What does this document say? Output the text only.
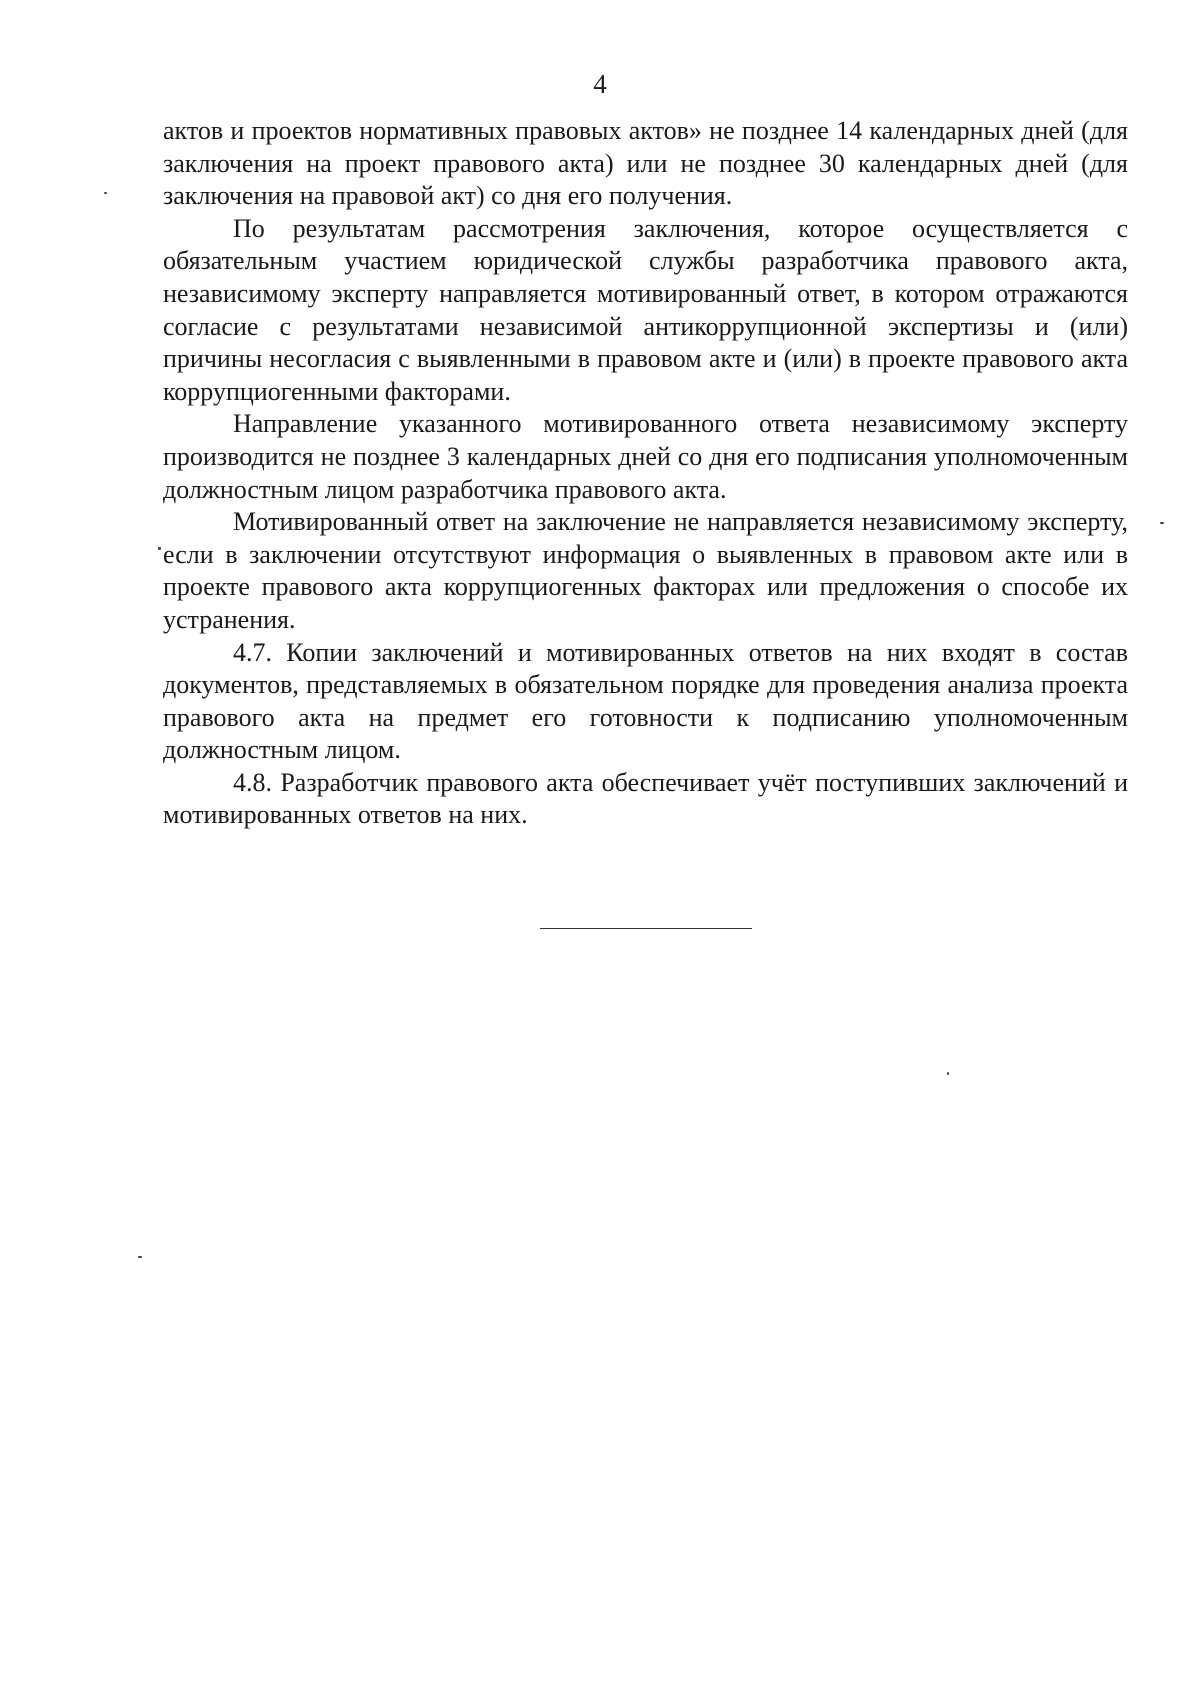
4

актов и проектов нормативных правовых актов» не позднее 14 календарных дней (для заключения на проект правового акта) или не позднее 30 календарных дней (для заключения на правовой акт) со дня его получения.

По результатам рассмотрения заключения, которое осуществляется с обязательным участием юридической службы разработчика правового акта, независимому эксперту направляется мотивированный ответ, в котором отражаются согласие с результатами независимой антикоррупционной экспертизы и (или) причины несогласия с выявленными в правовом акте и (или) в проекте правового акта коррупциогенными факторами.

Направление указанного мотивированного ответа независимому эксперту производится не позднее 3 календарных дней со дня его подписания уполномоченным должностным лицом разработчика правового акта.

Мотивированный ответ на заключение не направляется независимому эксперту, если в заключении отсутствуют информация о выявленных в правовом акте или в проекте правового акта коррупциогенных факторах или предложения о способе их устранения.

4.7. Копии заключений и мотивированных ответов на них входят в состав документов, представляемых в обязательном порядке для проведения анализа проекта правового акта на предмет его готовности к подписанию уполномоченным должностным лицом.

4.8. Разработчик правового акта обеспечивает учёт поступивших заключений и мотивированных ответов на них.
